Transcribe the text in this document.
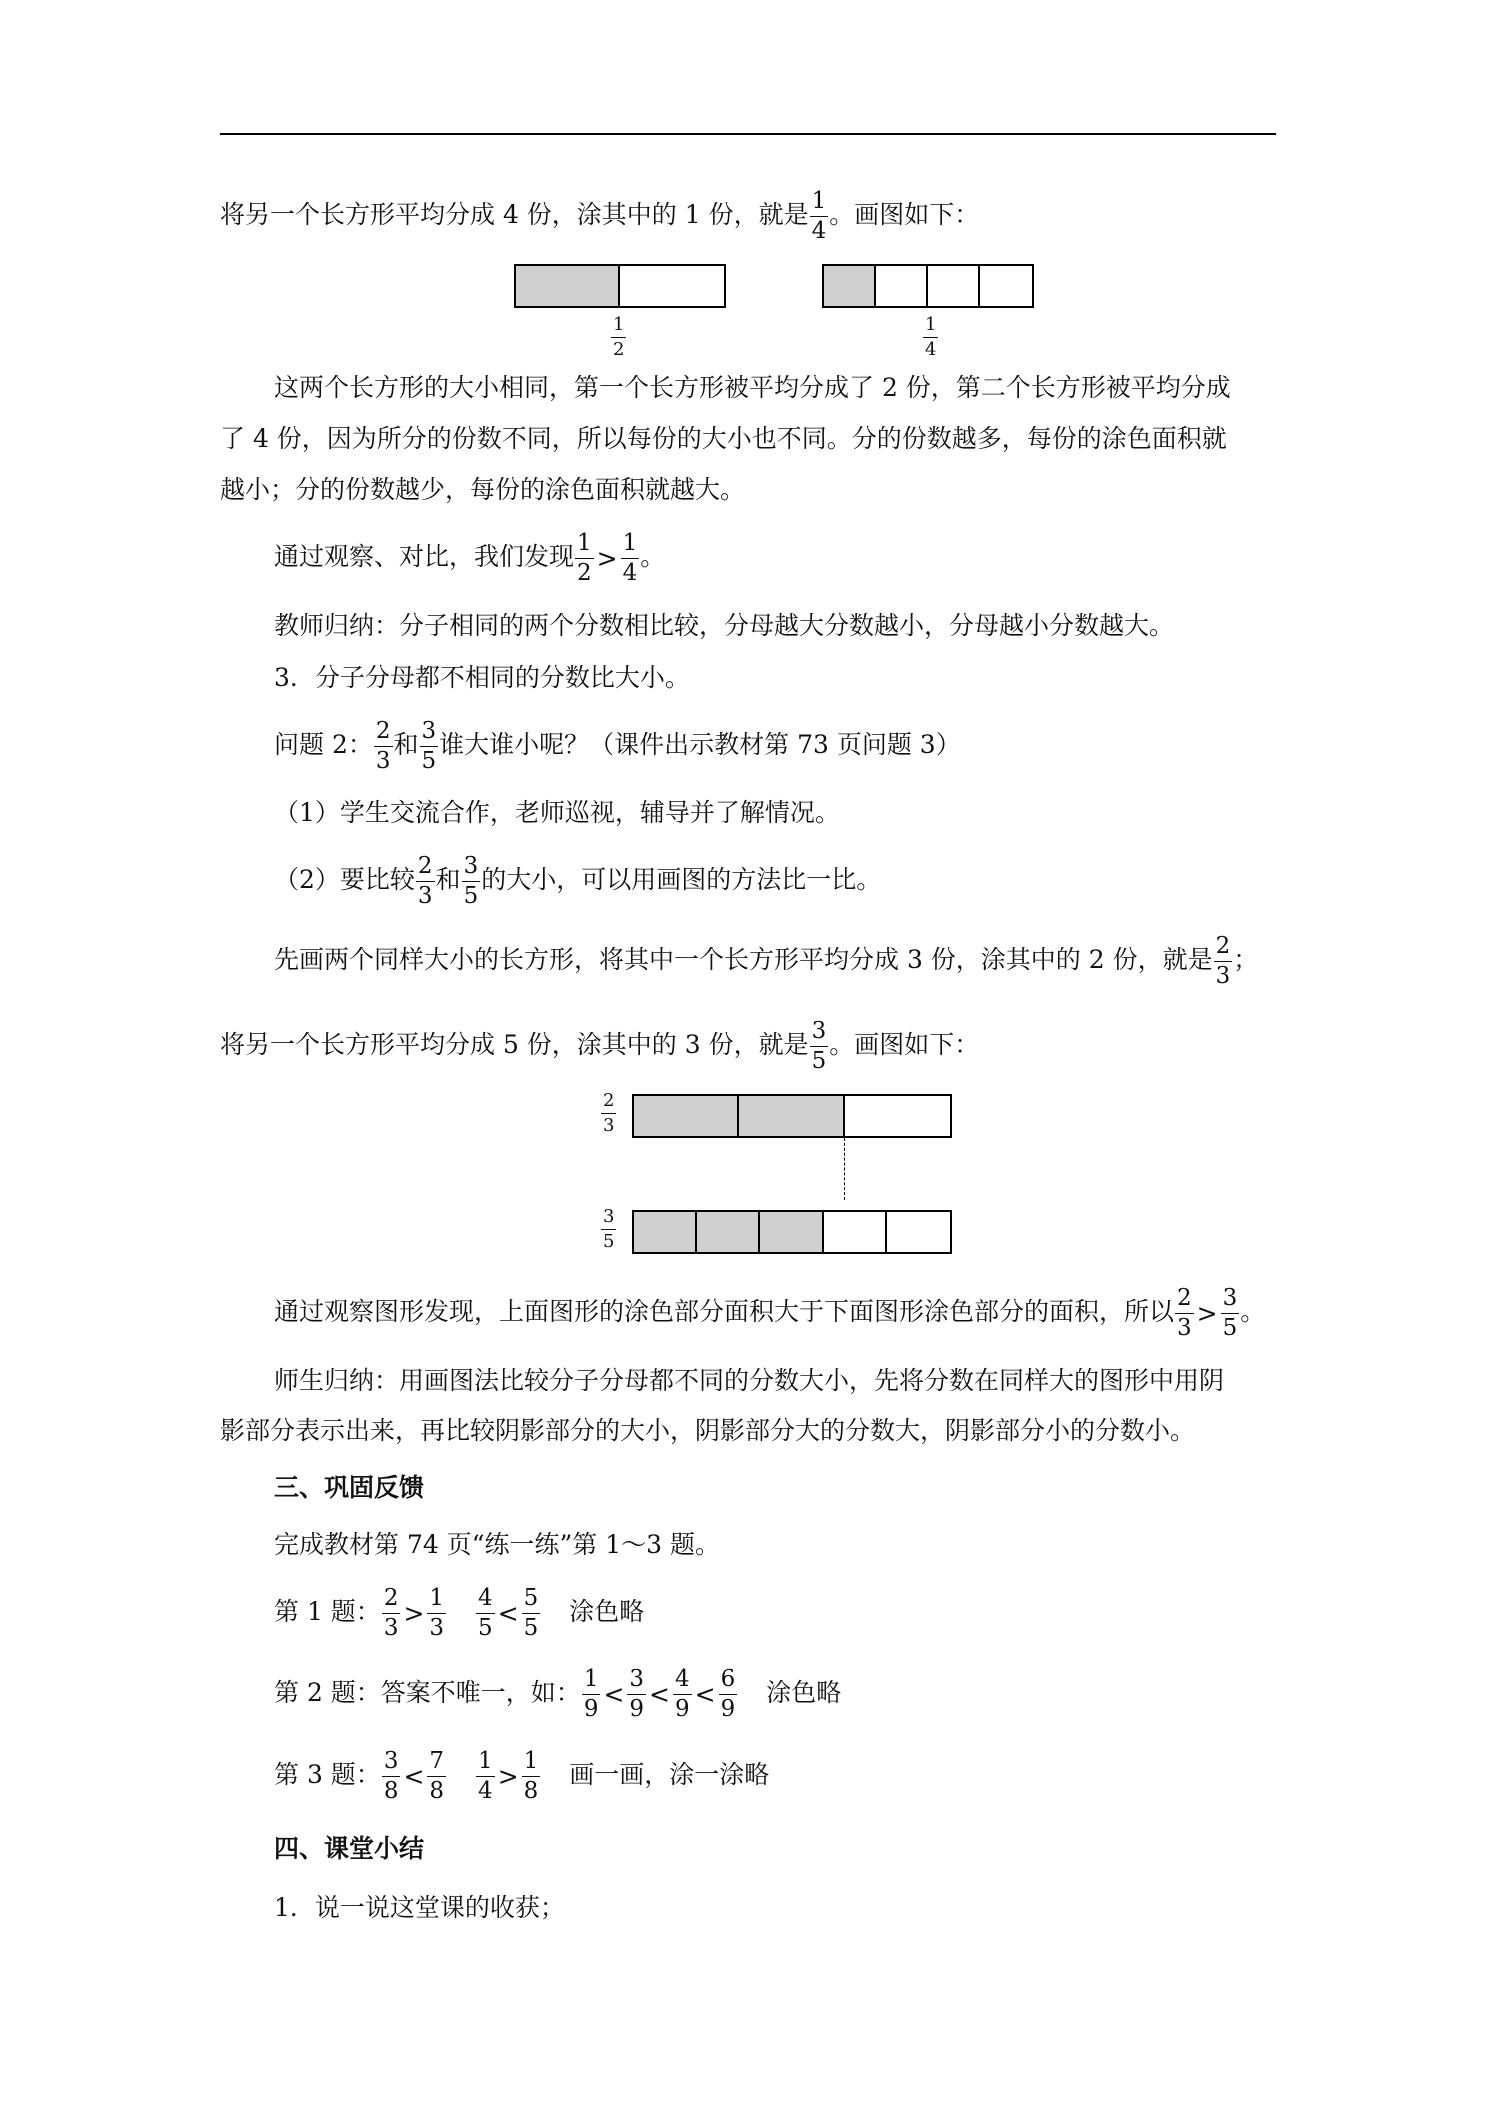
将另一个长方形平均分成 4 份，涂其中的 1 份，就是 $\frac{1}{4}$ 。画图如下：
$\frac{1}{2}$	$\frac{1}{4}$
这两个长方形的大小相同，第一个长方形被平均分成了 2 份，第二个长方形被平均分成
了 4 份，因为所分的份数不同，所以每份的大小也不同。分的份数越多，每份的涂色面积就
越小；分的份数越少，每份的涂色面积就越大。
通过观察、对比，我们发现 $\frac{1}{2} > \frac{1}{4}$ 。
教师归纳：分子相同的两个分数相比较，分母越大分数越小，分母越小分数越大。
3．分子分母都不相同的分数比大小。
问题 2： $\frac{2}{3}$ 和 $\frac{3}{5}$ 谁大谁小呢？（课件出示教材第 73 页问题 3）
（1）学生交流合作，老师巡视，辅导并了解情况。
（2）要比较 $\frac{2}{3}$ 和 $\frac{3}{5}$ 的大小，可以用画图的方法比一比。
先画两个同样大小的长方形，将其中一个长方形平均分成 3 份，涂其中的 2 份，就是 $\frac{2}{3}$ ；
将另一个长方形平均分成 5 份，涂其中的 3 份，就是 $\frac{3}{5}$ 。画图如下：
$\frac{2}{3}$
$\frac{3}{5}$
通过观察图形发现，上面图形的涂色部分面积大于下面图形涂色部分的面积，所以 $\frac{2}{3} > \frac{3}{5}$ 。
师生归纳：用画图法比较分子分母都不同的分数大小，先将分数在同样大的图形中用阴
影部分表示出来，再比较阴影部分的大小，阴影部分大的分数大，阴影部分小的分数小。
三、巩固反馈
完成教材第 74 页“练一练”第 1～3 题。
第 1 题： $\frac{2}{3} > \frac{1}{3} \frac{4}{5} < \frac{5}{5}$ 涂色略
第 2 题：答案不唯一，如： $\frac{1}{9} < \frac{3}{9} < \frac{4}{9} < \frac{6}{9}$ 涂色略
第 3 题： $\frac{3}{8} < \frac{7}{8} \frac{1}{4} > \frac{1}{8}$ 画一画，涂一涂略
四、课堂小结
1．说一说这堂课的收获；
